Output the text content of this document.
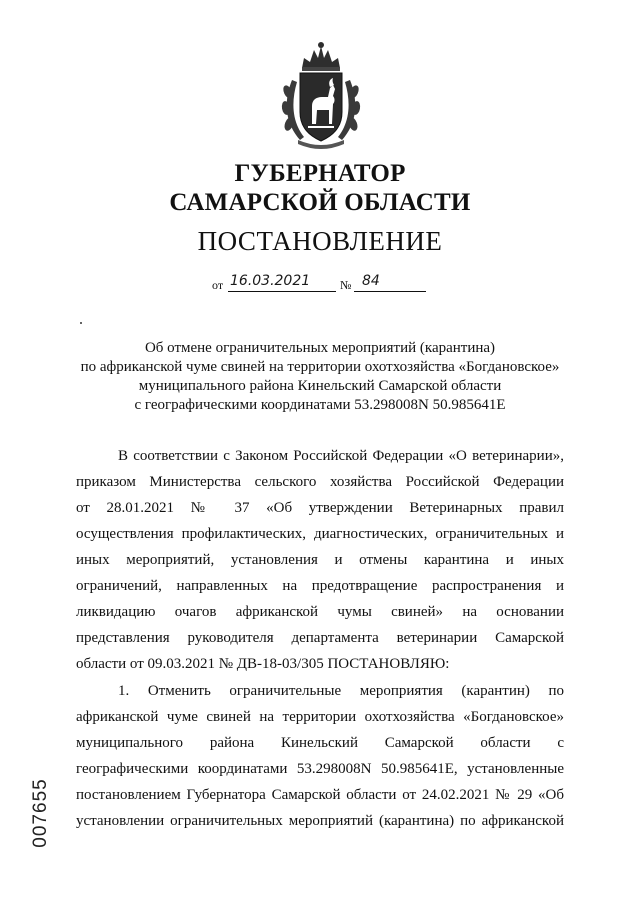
ГУБЕРНАТОР
САМАРСКОЙ ОБЛАСТИ
ПОСТАНОВЛЕНИЕ
от 16.03.2021 № 84
Об отмене ограничительных мероприятий (карантина)
по африканской чуме свиней на территории охотхозяйства «Богдановское»
муниципального района Кинельский Самарской области
с географическими координатами 53.298008N 50.985641E
В соответствии с Законом Российской Федерации «О ветеринарии»,
приказом Министерства сельского хозяйства Российской Федерации
от 28.01.2021 № 37 «Об утверждении Ветеринарных правил
осуществления профилактических, диагностических, ограничительных и
иных мероприятий, установления и отмены карантина и иных
ограничений, направленных на предотвращение распространения и
ликвидацию очагов африканской чумы свиней» на основании
представления руководителя департамента ветеринарии Самарской
области от 09.03.2021 № ДВ-18-03/305 ПОСТАНОВЛЯЮ:
1. Отменить ограничительные мероприятия (карантин) по
африканской чуме свиней на территории охотхозяйства «Богдановское»
муниципального района Кинельский Самарской области с
географическими координатами 53.298008N 50.985641E, установленные
постановлением Губернатора Самарской области от 24.02.2021 № 29 «Об
установлении ограничительных мероприятий (карантина) по африканской
007655
